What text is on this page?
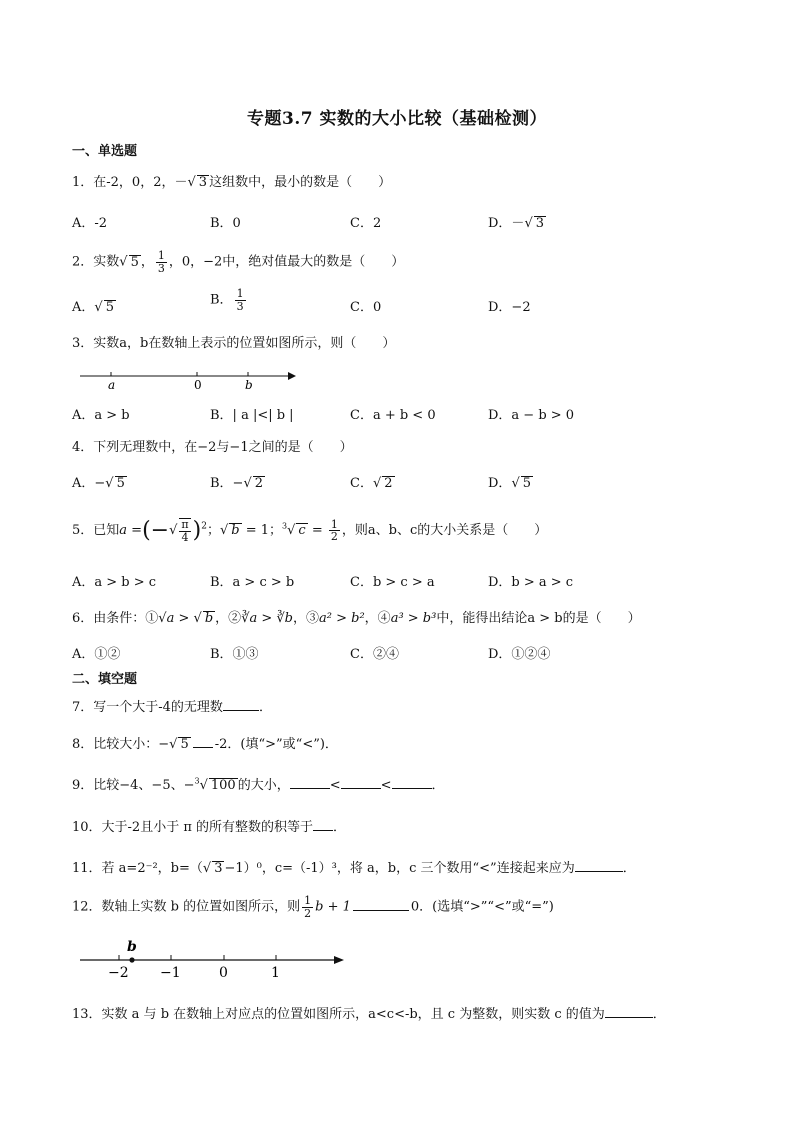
专题3.7 实数的大小比较（基础检测）
一、单选题
1．在-2，0，2，－√ 3 这组数中，最小的数是（　　）
A．-2	B．0	C．2	D．－√ 3
2．实数√ 5 ， $\frac{1}{3}$ ，0，−2中，绝对值最大的数是（　　）
A．√ 5	B． $\frac{1}{3}$	C．0	D．−2
3．实数a，b在数轴上表示的位置如图所示，则（　　）
a	0	b
A．a > b	B．| a |<| b |	C．a + b < 0	D．a − b > 0
4．下列无理数中，在−2与−1之间的是（　　）
A．−√ 5	B．−√ 2	C．√ 2	D．√ 5
5．已知a =(−√ $\frac{\pi}{4} )^2$；√ b = 1；$^3$√ $c = \frac{1}{2}$ ，则a、b、c的大小关系是（　　）
A．a > b > c	B．a > c > b	C．b > c > a	D．b > a > c
6．由条件：①√a > √ b ，②∛a > ∛b，③a² > b²，④a³ > b³中，能得出结论a > b的是（　　）
A．①②	B．①③	C．②④	D．①②④
二、填空题
7．写一个大于-4的无理数	．
8．比较大小：−√ 5 -2．(填“>”或“<”)．
9．比较−4、−5、−$^3$√ 100 的大小，	<	<	．
10．大于-2且小于 π 的所有整数的积等于 ．
11．若 a=2⁻²，b=（√ 3 −1）⁰，c=（-1）³，将 a，b，c 三个数用“<”连接起来应为	．
12．数轴上实数 b 的位置如图所示，则 $\frac{1}{2}$ b + 1	0．(选填“>”“<”或“=”)
b
−2 −1	0	1
13．实数 a 与 b 在数轴上对应点的位置如图所示，a<c<-b，且 c 为整数，则实数 c 的值为	．
